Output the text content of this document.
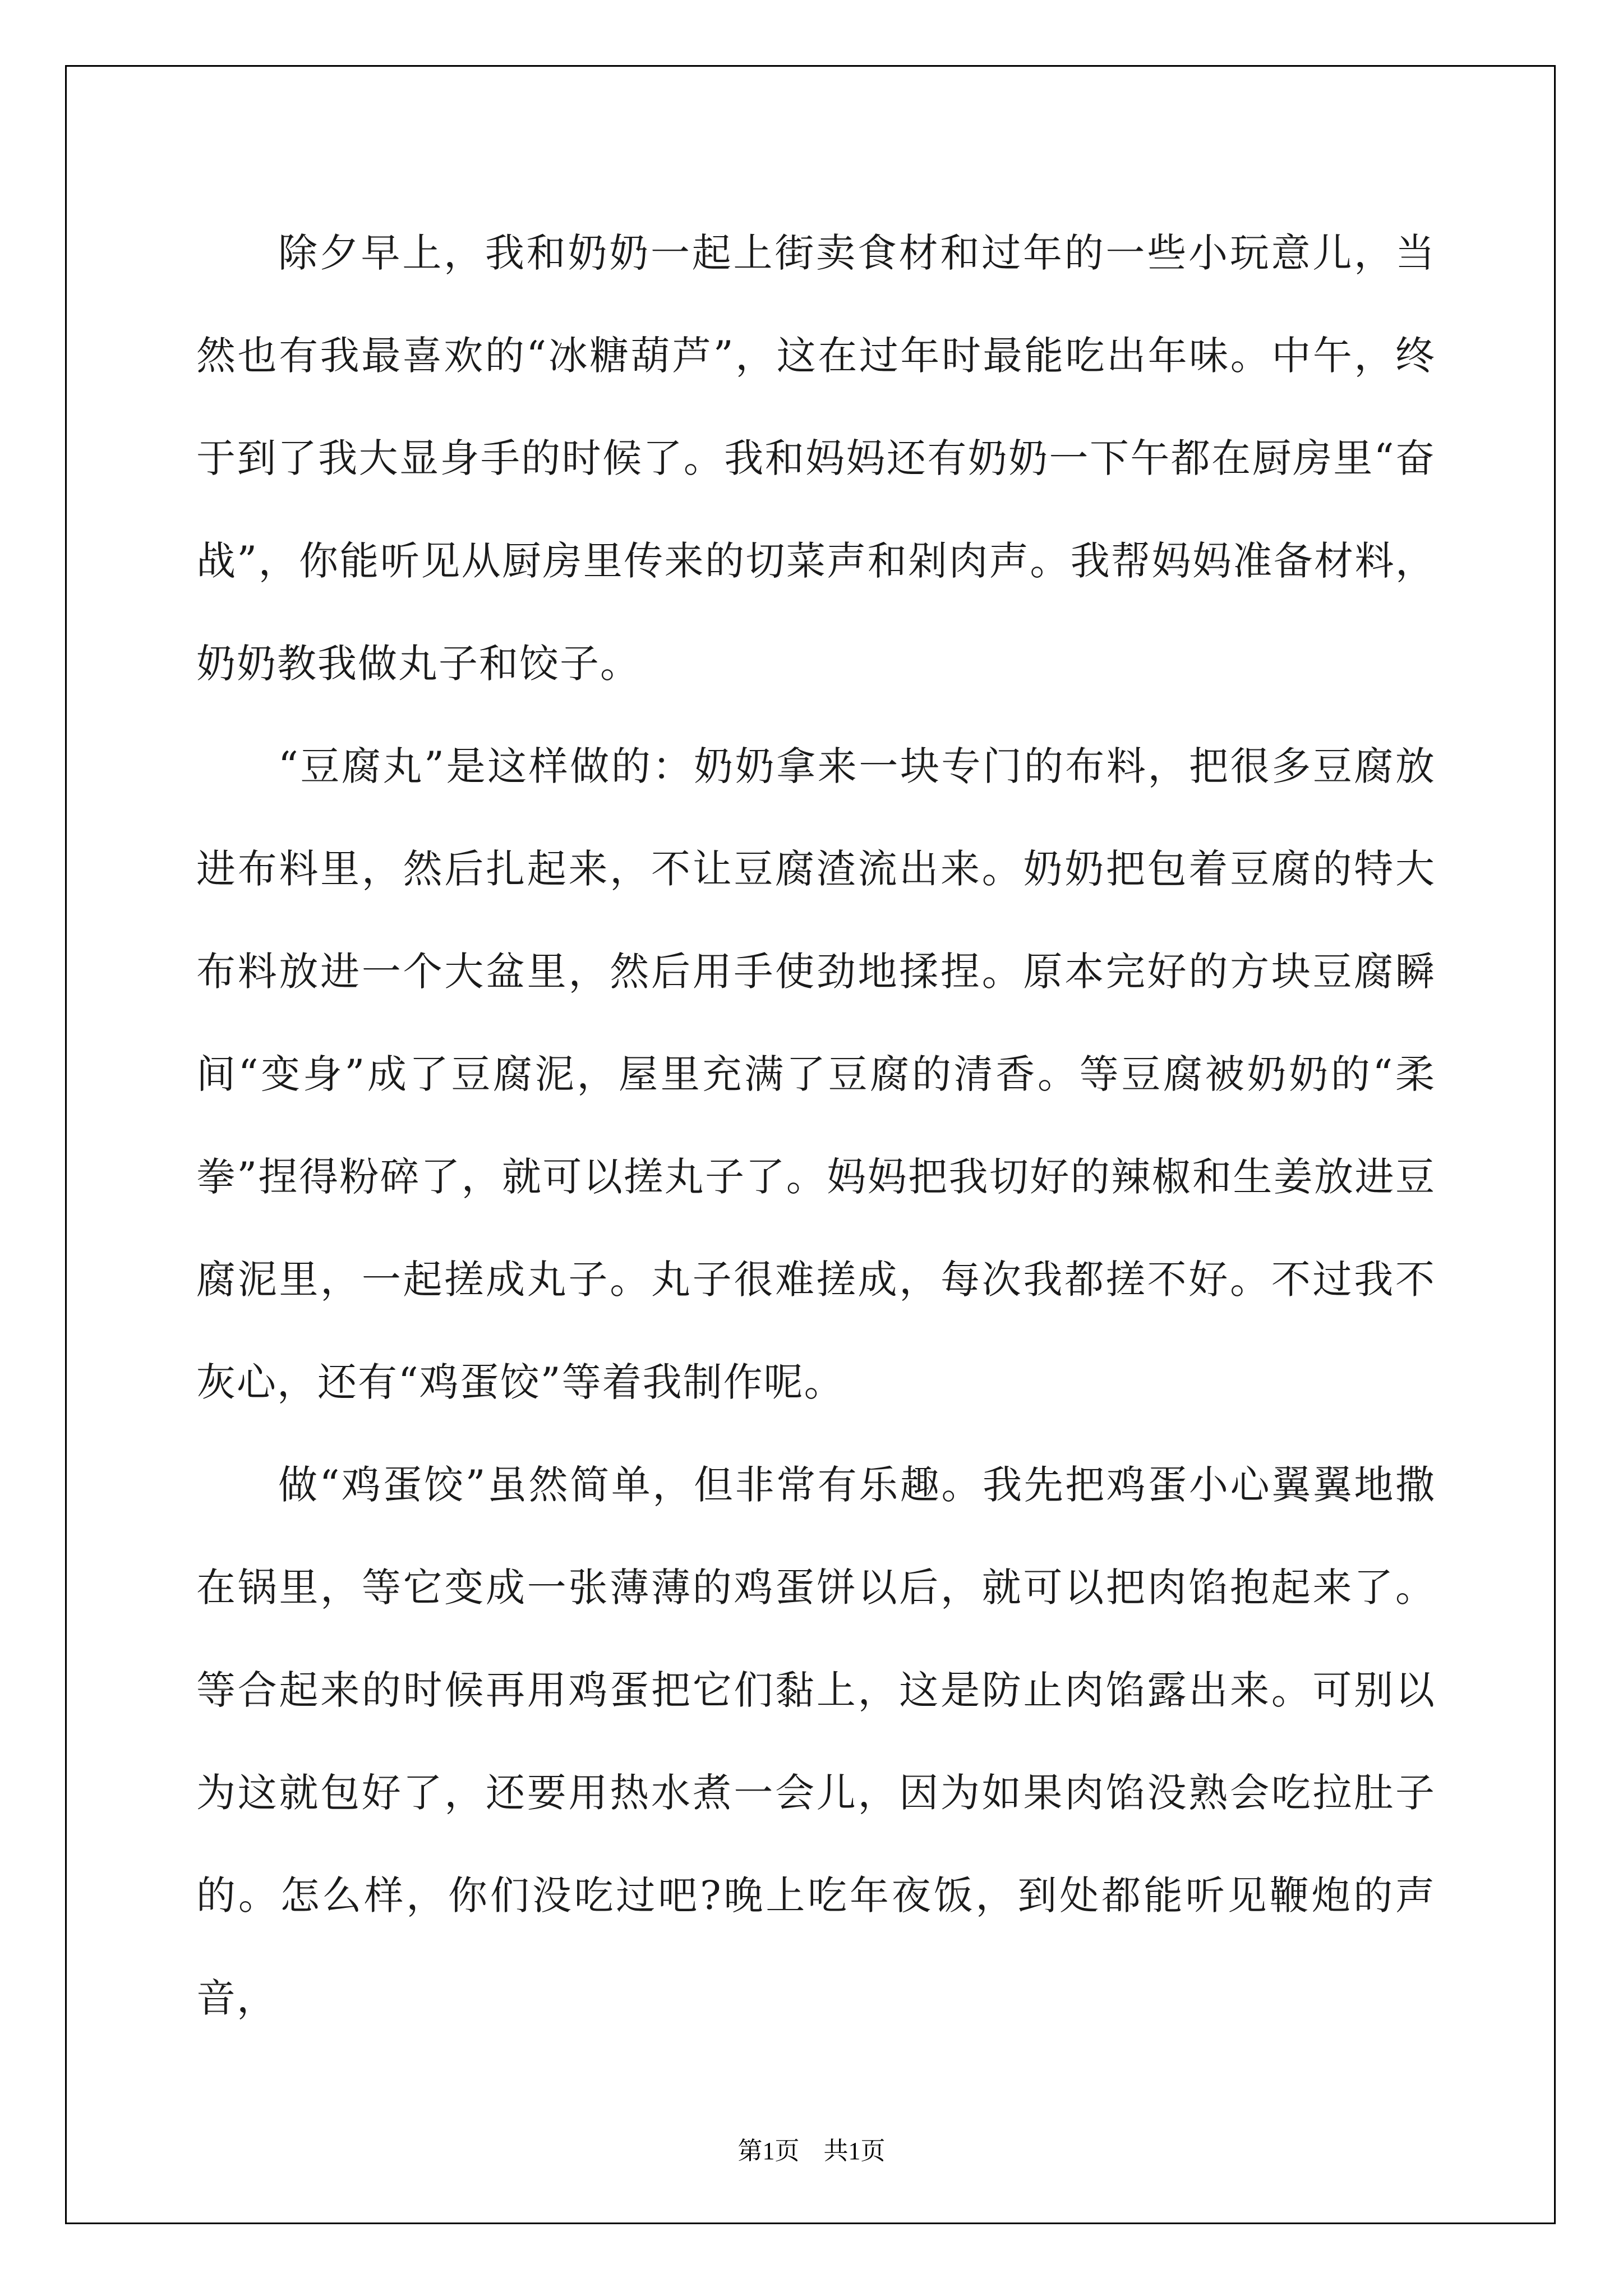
除夕早上，我和奶奶一起上街卖食材和过年的一些小玩意儿，当然也有我最喜欢的“冰糖葫芦”，这在过年时最能吃出年味。中午，终于到了我大显身手的时候了。我和妈妈还有奶奶一下午都在厨房里“奋战”，你能听见从厨房里传来的切菜声和剁肉声。我帮妈妈准备材料，奶奶教我做丸子和饺子。

“豆腐丸”是这样做的：奶奶拿来一块专门的布料，把很多豆腐放进布料里，然后扎起来，不让豆腐渣流出来。奶奶把包着豆腐的特大布料放进一个大盆里，然后用手使劲地揉捏。原本完好的方块豆腐瞬间“变身”成了豆腐泥，屋里充满了豆腐的清香。等豆腐被奶奶的“柔拳”捏得粉碎了，就可以搓丸子了。妈妈把我切好的辣椒和生姜放进豆腐泥里，一起搓成丸子。丸子很难搓成，每次我都搓不好。不过我不灰心，还有“鸡蛋饺”等着我制作呢。

做“鸡蛋饺”虽然简单，但非常有乐趣。我先把鸡蛋小心翼翼地撒在锅里，等它变成一张薄薄的鸡蛋饼以后，就可以把肉馅抱起来了。等合起来的时候再用鸡蛋把它们黏上，这是防止肉馅露出来。可别以为这就包好了，还要用热水煮一会儿，因为如果肉馅没熟会吃拉肚子的。怎么样，你们没吃过吧?晚上吃年夜饭，到处都能听见鞭炮的声音，

第1页 共1页
